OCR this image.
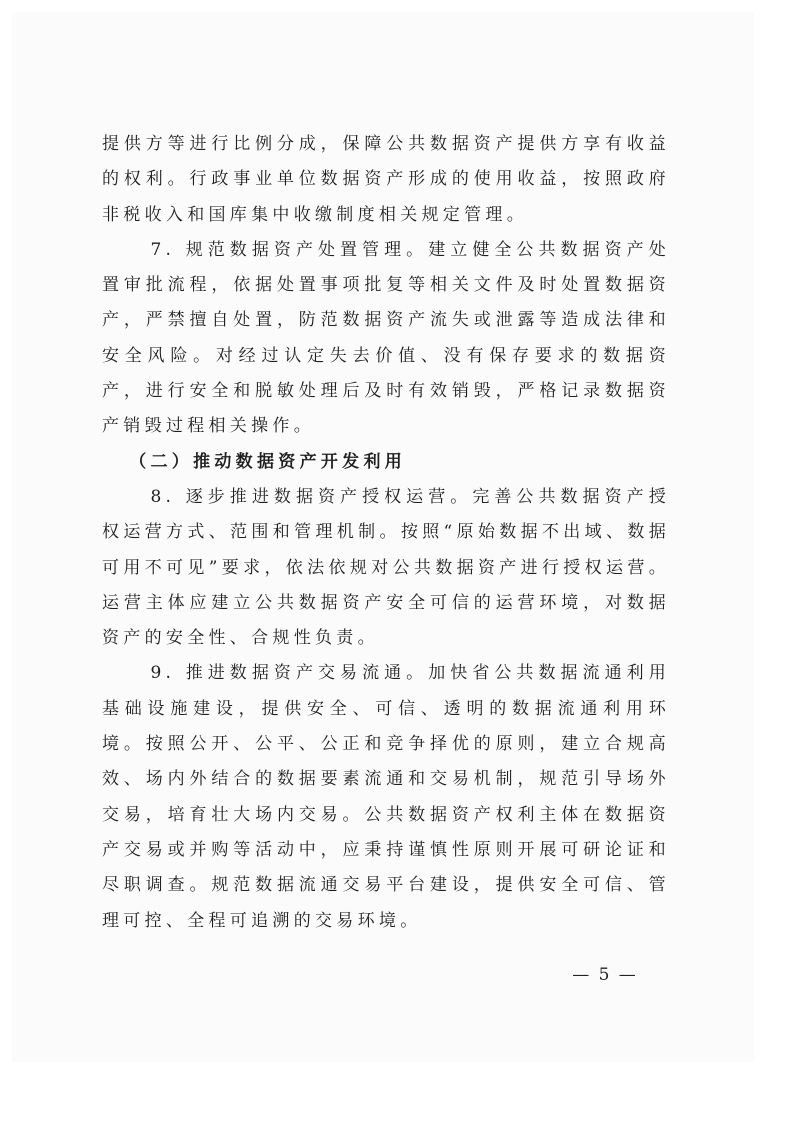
提供方等进行比例分成，保障公共数据资产提供方享有收益的权利。行政事业单位数据资产形成的使用收益，按照政府非税收入和国库集中收缴制度相关规定管理。

7. 规范数据资产处置管理。建立健全公共数据资产处置审批流程，依据处置事项批复等相关文件及时处置数据资产，严禁擅自处置，防范数据资产流失或泄露等造成法律和安全风险。对经过认定失去价值、没有保存要求的数据资产，进行安全和脱敏处理后及时有效销毁，严格记录数据资产销毁过程相关操作。

（二）推动数据资产开发利用

8. 逐步推进数据资产授权运营。完善公共数据资产授权运营方式、范围和管理机制。按照“原始数据不出域、数据可用不可见”要求，依法依规对公共数据资产进行授权运营。运营主体应建立公共数据资产安全可信的运营环境，对数据资产的安全性、合规性负责。

9. 推进数据资产交易流通。加快省公共数据流通利用基础设施建设，提供安全、可信、透明的数据流通利用环境。按照公开、公平、公正和竞争择优的原则，建立合规高效、场内外结合的数据要素流通和交易机制，规范引导场外交易，培育壮大场内交易。公共数据资产权利主体在数据资产交易或并购等活动中，应秉持谨慎性原则开展可研论证和尽职调查。规范数据流通交易平台建设，提供安全可信、管理可控、全程可追溯的交易环境。

— 5 —
